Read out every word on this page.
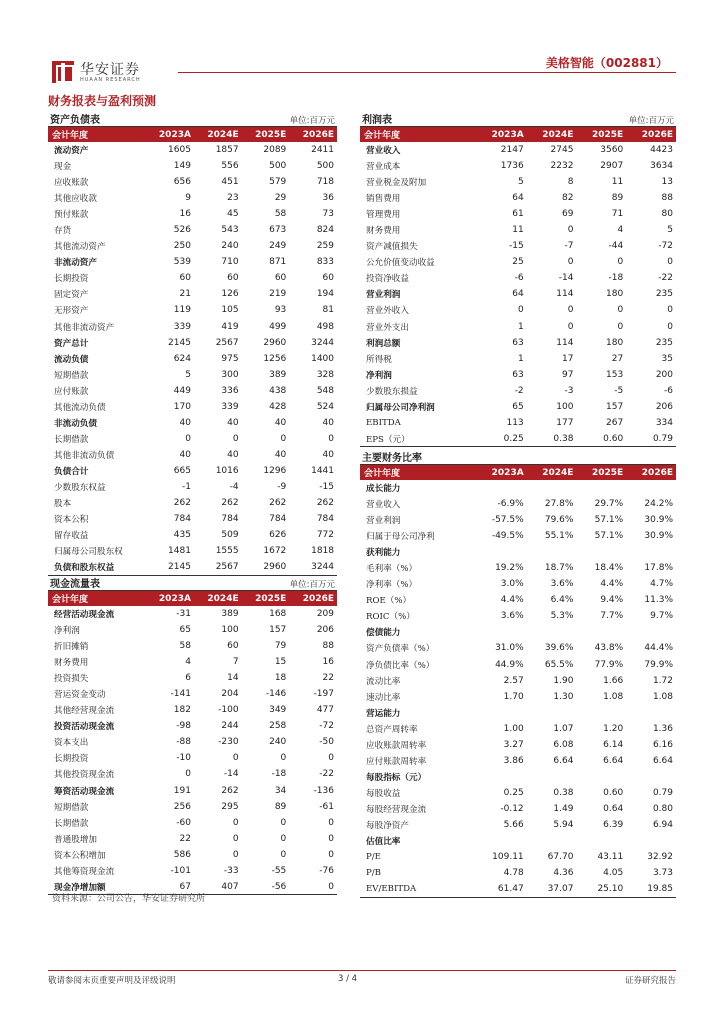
华安证券
HUAAN RESEARCH
美格智能（002881）
财务报表与盈利预测
资产负债表	单位:百万元
会计年度	2023A	2024E	2025E	2026E
流动资产	1605	1857	2089	2411
现金	149	556	500	500
应收账款	656	451	579	718
其他应收款	9	23	29	36
预付账款	16	45	58	73
存货	526	543	673	824
其他流动资产	250	240	249	259
非流动资产	539	710	871	833
长期投资	60	60	60	60
固定资产	21	126	219	194
无形资产	119	105	93	81
其他非流动资产	339	419	499	498
资产总计	2145	2567	2960	3244
流动负债	624	975	1256	1400
短期借款	5	300	389	328
应付账款	449	336	438	548
其他流动负债	170	339	428	524
非流动负债	40	40	40	40
长期借款	0	0	0	0
其他非流动负债	40	40	40	40
负债合计	665	1016	1296	1441
少数股东权益	-1	-4	-9	-15
股本	262	262	262	262
资本公积	784	784	784	784
留存收益	435	509	626	772
归属母公司股东权	1481	1555	1672	1818
负债和股东权益	2145	2567	2960	3244
利润表	单位:百万元
会计年度	2023A	2024E	2025E	2026E
营业收入	2147	2745	3560	4423
营业成本	1736	2232	2907	3634
营业税金及附加	5	8	11	13
销售费用	64	82	89	88
管理费用	61	69	71	80
财务费用	11	0	4	5
资产减值损失	-15	-7	-44	-72
公允价值变动收益	25	0	0	0
投资净收益	-6	-14	-18	-22
营业利润	64	114	180	235
营业外收入	0	0	0	0
营业外支出	1	0	0	0
利润总额	63	114	180	235
所得税	1	17	27	35
净利润	63	97	153	200
少数股东损益	-2	-3	-5	-6
归属母公司净利润	65	100	157	206
EBITDA	113	177	267	334
EPS（元）	0.25	0.38	0.60	0.79
主要财务比率
会计年度	2023A	2024E	2025E	2026E
成长能力				
营业收入	-6.9%	27.8%	29.7%	24.2%
营业利润	-57.5%	79.6%	57.1%	30.9%
归属于母公司净利	-49.5%	55.1%	57.1%	30.9%
获利能力				
毛利率（%）	19.2%	18.7%	18.4%	17.8%
净利率（%）	3.0%	3.6%	4.4%	4.7%
ROE（%）	4.4%	6.4%	9.4%	11.3%
ROIC（%）	3.6%	5.3%	7.7%	9.7%
偿债能力				
资产负债率（%）	31.0%	39.6%	43.8%	44.4%
净负债比率（%）	44.9%	65.5%	77.9%	79.9%
流动比率	2.57	1.90	1.66	1.72
速动比率	1.70	1.30	1.08	1.08
营运能力				
总资产周转率	1.00	1.07	1.20	1.36
应收账款周转率	3.27	6.08	6.14	6.16
应付账款周转率	3.86	6.64	6.64	6.64
每股指标（元）				
每股收益	0.25	0.38	0.60	0.79
每股经营现金流	-0.12	1.49	0.64	0.80
每股净资产	5.66	5.94	6.39	6.94
估值比率				
P/E	109.11	67.70	43.11	32.92
P/B	4.78	4.36	4.05	3.73
EV/EBITDA	61.47	37.07	25.10	19.85
现金流量表	单位:百万元
会计年度	2023A	2024E	2025E	2026E
经营活动现金流	-31	389	168	209
净利润	65	100	157	206
折旧摊销	58	60	79	88
财务费用	4	7	15	16
投资损失	6	14	18	22
营运资金变动	-141	204	-146	-197
其他经营现金流	182	-100	349	477
投资活动现金流	-98	244	258	-72
资本支出	-88	-230	240	-50
长期投资	-10	0	0	0
其他投资现金流	0	-14	-18	-22
筹资活动现金流	191	262	34	-136
短期借款	256	295	89	-61
长期借款	-60	0	0	0
普通股增加	22	0	0	0
资本公积增加	586	0	0	0
其他筹资现金流	-101	-33	-55	-76
现金净增加额	67	407	-56	0
资料来源：公司公告，华安证券研究所
敬请参阅末页重要声明及评级说明	3 / 4	证券研究报告
